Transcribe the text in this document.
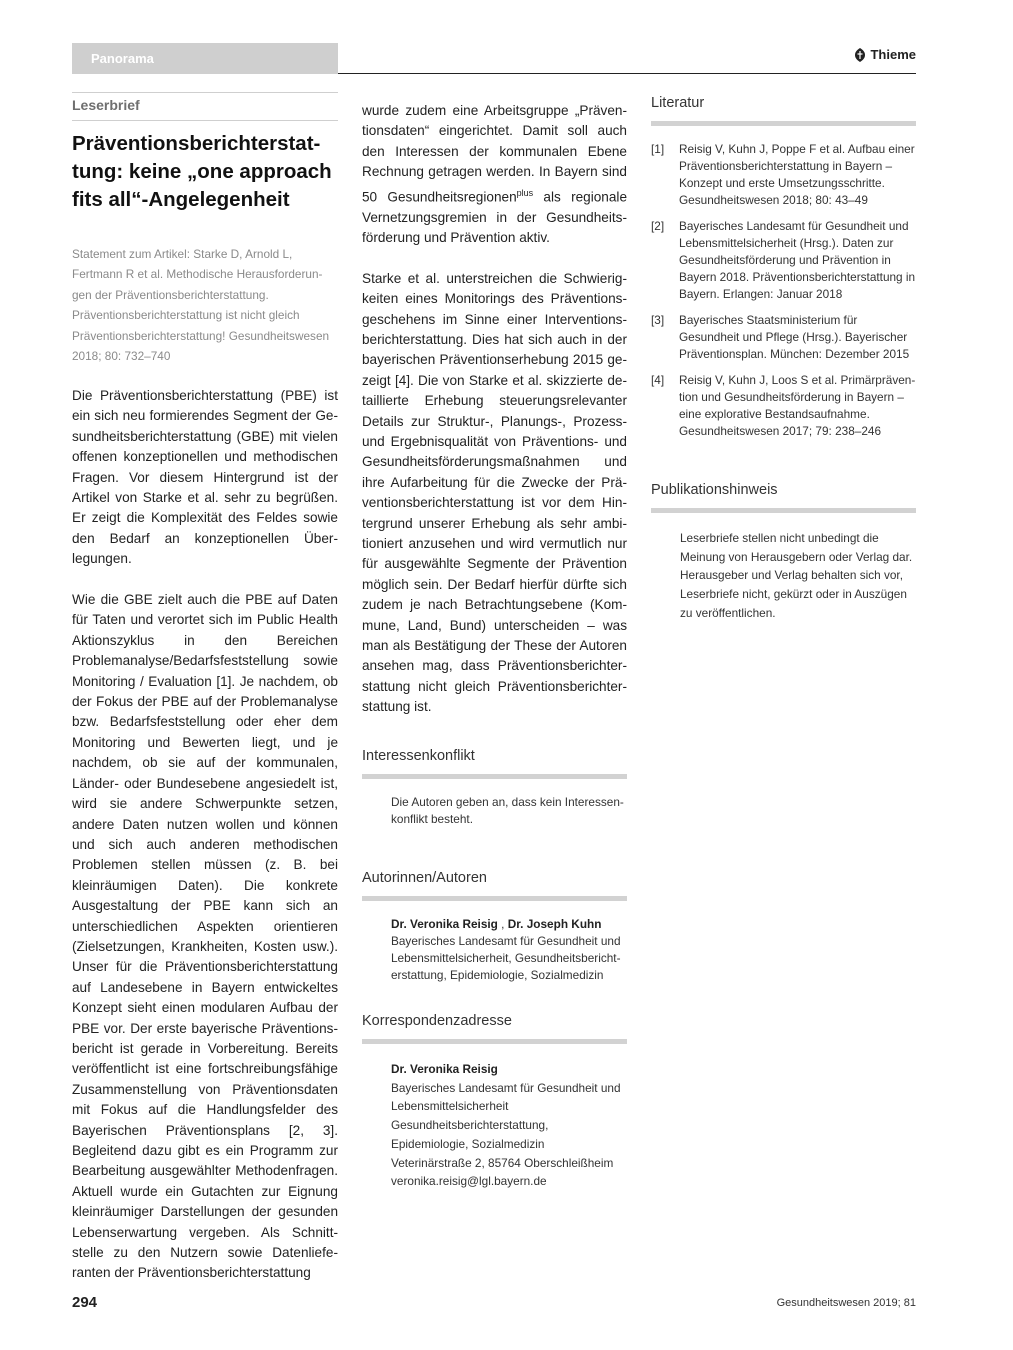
Panorama	Thieme
Leserbrief
Präventionsberichterstattung: keine „one approach fits all“-Angelegenheit
Statement zum Artikel: Starke D, Arnold L, Fertmann R et al. Methodische Herausforderungen der Präventionsberichterstattung. Präventionsberichterstattung ist nicht gleich Präventionsberichterstattung! Gesundheitswesen 2018; 80: 732–740

Die Präventionsberichterstattung (PBE) ist ein sich neu formierendes Segment der Gesundheitsberichterstattung (GBE) mit vielen offenen konzeptionellen und methodischen Fragen. Vor diesem Hintergrund ist der Artikel von Starke et al. sehr zu begrüßen. Er zeigt die Komplexität des Feldes sowie den Bedarf an konzeptionellen Überlegungen.

Wie die GBE zielt auch die PBE auf Daten für Taten und verortet sich im Public Health Aktionszyklus in den Bereichen Problemanalyse/Bedarfsfeststellung sowie Monitoring / Evaluation [1]. Je nachdem, ob der Fokus der PBE auf der Problemanalyse bzw. Bedarfsfeststellung oder eher dem Monitoring und Bewerten liegt, und je nachdem, ob sie auf der kommunalen, Länder- oder Bundesebene angesiedelt ist, wird sie andere Schwerpunkte setzen, andere Daten nutzen wollen und können und sich auch anderen methodischen Problemen stellen müssen (z. B. bei kleinräumigen Daten). Die konkrete Ausgestaltung der PBE kann sich an unterschiedlichen Aspekten orientieren (Zielsetzungen, Krankheiten, Kosten usw.). Unser für die Präventionsberichterstattung auf Landesebene in Bayern entwickeltes Konzept sieht einen modularen Aufbau der PBE vor. Der erste bayerische Präventionsbericht ist gerade in Vorbereitung. Bereits veröffentlicht ist eine fortschreibungsfähige Zusammenstellung von Präventionsdaten mit Fokus auf die Handlungsfelder des Bayerischen Präventionsplans [2, 3]. Begleitend dazu gibt es ein Programm zur Bearbeitung ausgewählter Methodenfragen. Aktuell wurde ein Gutachten zur Eignung kleinräumiger Darstellungen der gesunden Lebenserwartung vergeben. Als Schnittstelle zu den Nutzern sowie Datenlieferanten der Präventionsberichterstattung

wurde zudem eine Arbeitsgruppe „Präventionsdaten“ eingerichtet. Damit soll auch den Interessen der kommunalen Ebene Rechnung getragen werden. In Bayern sind 50 Gesundheitsregionen$^{plus}$ als regionale Vernetzungsgremien in der Gesundheitsförderung und Prävention aktiv.

Starke et al. unterstreichen die Schwierigkeiten eines Monitorings des Präventionsgeschehens im Sinne einer Interventionsberichterstattung. Dies hat sich auch in der bayerischen Präventionserhebung 2015 gezeigt [4]. Die von Starke et al. skizzierte detaillierte Erhebung steuerungsrelevanter Details zur Struktur-, Planungs-, Prozess- und Ergebnisqualität von Präventions- und Gesundheitsförderungsmaßnahmen und ihre Aufarbeitung für die Zwecke der Präventionsberichterstattung ist vor dem Hintergrund unserer Erhebung als sehr ambitioniert anzusehen und wird vermutlich nur für ausgewählte Segmente der Prävention möglich sein. Der Bedarf hierfür dürfte sich zudem je nach Betrachtungsebene (Kommune, Land, Bund) unterscheiden – was man als Bestätigung der These der Autoren ansehen mag, dass Präventionsberichterstattung nicht gleich Präventionsberichterstattung ist.

Interessenkonflikt
Die Autoren geben an, dass kein Interessenkonflikt besteht.
Autorinnen/Autoren
Dr. Veronika Reisig , Dr. Joseph Kuhn
Bayerisches Landesamt für Gesundheit und Lebensmittelsicherheit, Gesundheitsberichterstattung, Epidemiologie, Sozialmedizin
Korrespondenzadresse
Dr. Veronika Reisig
Bayerisches Landesamt für Gesundheit und
Lebensmittelsicherheit
Gesundheitsberichterstattung,
Epidemiologie, Sozialmedizin
Veterinärstraße 2, 85764 Oberschleißheim
veronika.reisig@lgl.bayern.de
Literatur
[1]	Reisig V, Kuhn J, Poppe F et al. Aufbau einer Präventionsberichterstattung in Bayern – Konzept und erste Umsetzungsschritte. Gesundheitswesen 2018; 80: 43–49
[2]	Bayerisches Landesamt für Gesundheit und Lebensmittelsicherheit (Hrsg.). Daten zur Gesundheitsförderung und Prävention in Bayern 2018. Präventionsberichterstattung in Bayern. Erlangen: Januar 2018
[3]	Bayerisches Staatsministerium für Gesundheit und Pflege (Hrsg.). Bayerischer Präventionsplan. München: Dezember 2015
[4]	Reisig V, Kuhn J, Loos S et al. Primärprävention und Gesundheitsförderung in Bayern – eine explorative Bestandsaufnahme. Gesundheitswesen 2017; 79: 238–246
Publikationshinweis
Leserbriefe stellen nicht unbedingt die Meinung von Herausgebern oder Verlag dar. Herausgeber und Verlag behalten sich vor, Leserbriefe nicht, gekürzt oder in Auszügen zu veröffentlichen.
294	Gesundheitswesen 2019; 81
